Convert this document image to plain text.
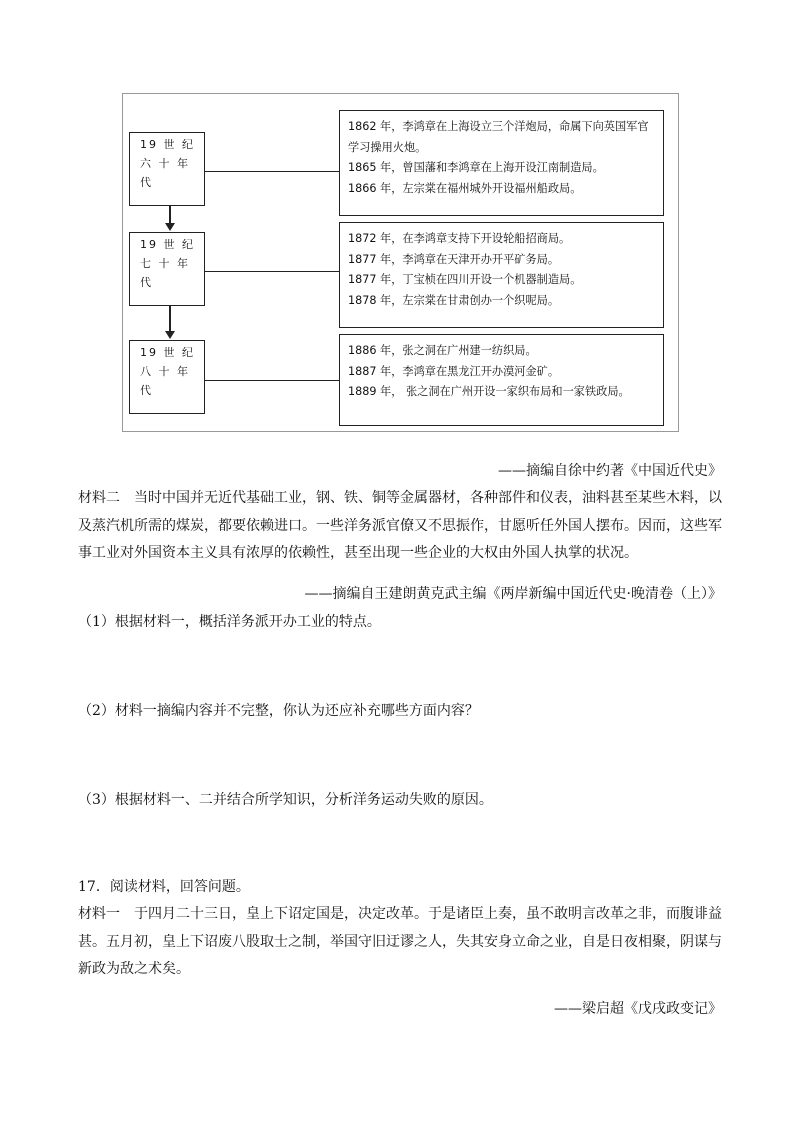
19 世 纪
六 十 年
代
19 世 纪
七 十 年
代
19 世 纪
八 十 年
代
1862 年，李鸿章在上海设立三个洋炮局，命属下向英国军官学习操用火炮。
1865 年，曾国藩和李鸿章在上海开设江南制造局。
1866 年，左宗棠在福州城外开设福州船政局。
1872 年，在李鸿章支持下开设轮船招商局。
1877 年，李鸿章在天津开办开平矿务局。
1877 年，丁宝桢在四川开设一个机器制造局。
1878 年，左宗棠在甘肃创办一个织呢局。
1886 年，张之洞在广州建一纺织局。
1887 年，李鸿章在黑龙江开办漠河金矿。
1889 年， 张之洞在广州开设一家织布局和一家铁政局。
——摘编自徐中约著《中国近代史》
材料二　当时中国并无近代基础工业，钢、铁、铜等金属器材，各种部件和仪表，油料甚至某些木料，以及蒸汽机所需的煤炭，都要依赖进口。一些洋务派官僚又不思振作，甘愿听任外国人摆布。因而，这些军事工业对外国资本主义具有浓厚的依赖性，甚至出现一些企业的大权由外国人执掌的状况。
——摘编自王建朗黄克武主编《两岸新编中国近代史·晚清卷（上）》
（1）根据材料一，概括洋务派开办工业的特点。
（2）材料一摘编内容并不完整，你认为还应补充哪些方面内容？
（3）根据材料一、二并结合所学知识，分析洋务运动失败的原因。
17．阅读材料，回答问题。
材料一　于四月二十三日，皇上下诏定国是，决定改革。于是诸臣上奏，虽不敢明言改革之非，而腹诽益甚。五月初，皇上下诏废八股取士之制，举国守旧迂谬之人，失其安身立命之业，自是日夜相聚，阴谋与新政为敌之术矣。
——梁启超《戊戌政变记》
